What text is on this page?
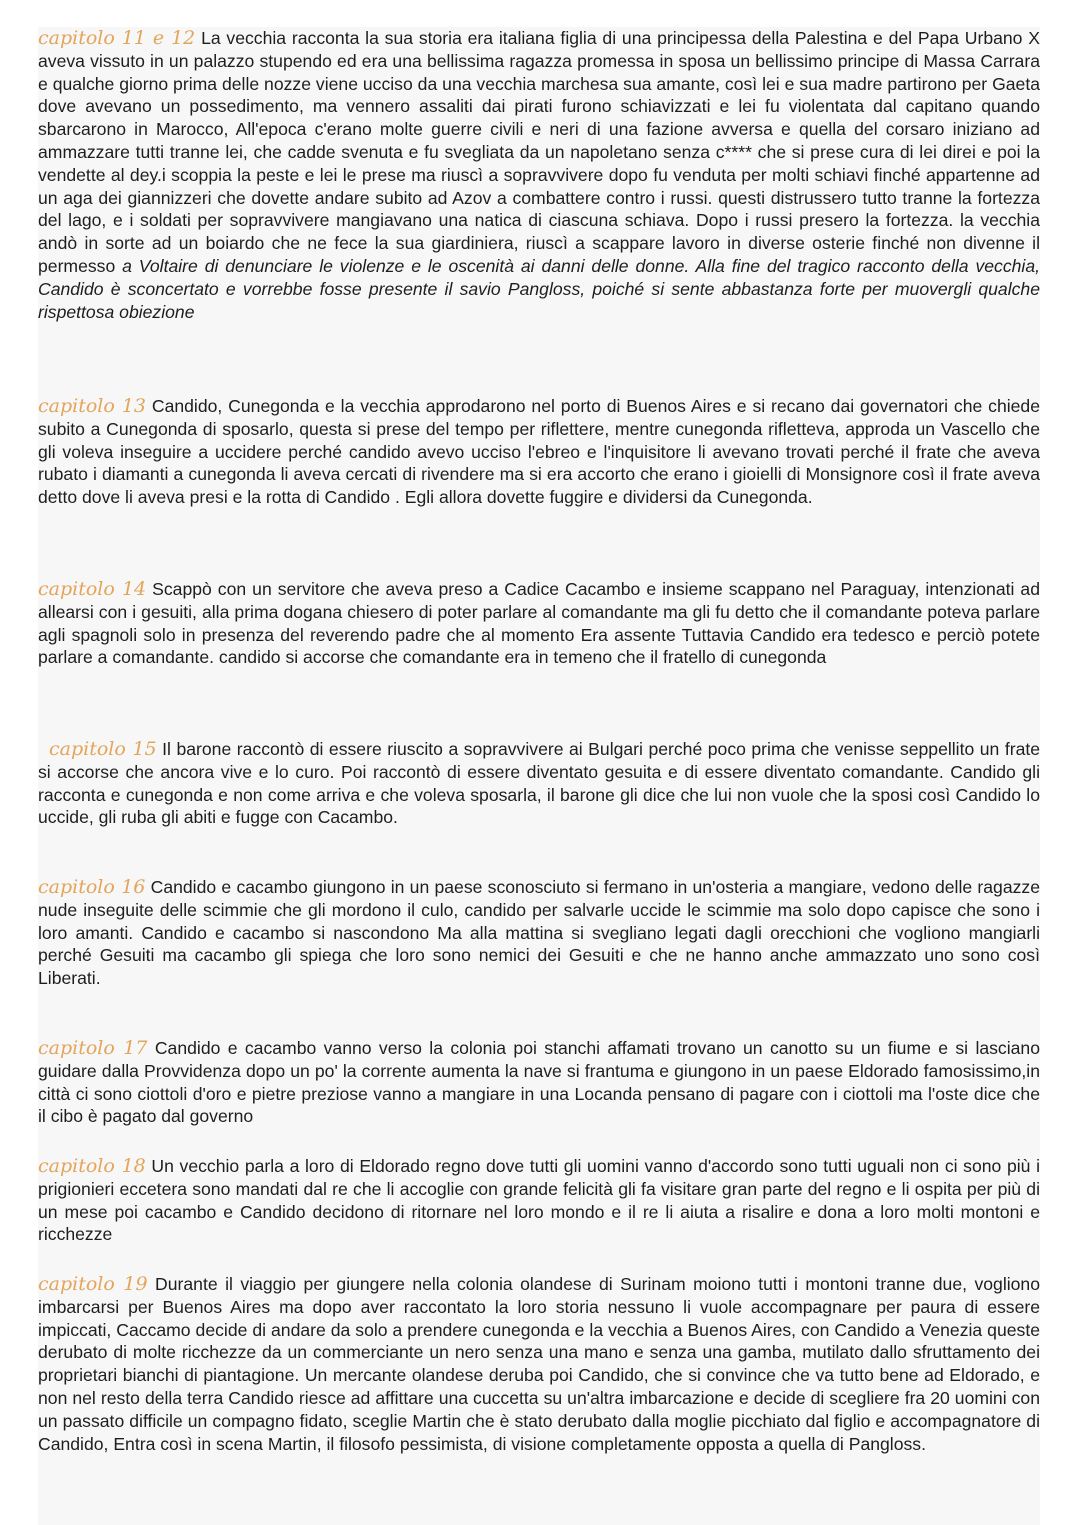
capitolo 11 e 12 La vecchia racconta la sua storia era italiana figlia di una principessa della Palestina e del Papa Urbano X aveva vissuto in un palazzo stupendo ed era una bellissima ragazza promessa in sposa un bellissimo principe di Massa Carrara e qualche giorno prima delle nozze viene ucciso da una vecchia marchesa sua amante, così lei e sua madre partirono per Gaeta dove avevano un possedimento, ma vennero assaliti dai pirati furono schiavizzati e lei fu violentata dal capitano quando sbarcarono in Marocco, All'epoca c'erano molte guerre civili e neri di una fazione avversa e quella del corsaro iniziano ad ammazzare tutti tranne lei, che cadde svenuta e fu svegliata da un napoletano senza c**** che si prese cura di lei direi e poi la vendette al dey.i scoppia la peste e lei le prese ma riuscì a sopravvivere dopo fu venduta per molti schiavi finché appartenne ad un aga dei giannizzeri che dovette andare subito ad Azov a combattere contro i russi. questi distrussero tutto tranne la fortezza del lago, e i soldati per sopravvivere mangiavano una natica di ciascuna schiava. Dopo i russi presero la fortezza. la vecchia andò in sorte ad un boiardo che ne fece la sua giardiniera, riuscì a scappare lavoro in diverse osterie finché non divenne il permesso a Voltaire di denunciare le violenze e le oscenità ai danni delle donne. Alla fine del tragico racconto della vecchia, Candido è sconcertato e vorrebbe fosse presente il savio Pangloss, poiché si sente abbastanza forte per muovergli qualche rispettosa obiezione

capitolo 13 Candido, Cunegonda e la vecchia approdarono nel porto di Buenos Aires e si recano dai governatori che chiede subito a Cunegonda di sposarlo, questa si prese del tempo per riflettere, mentre cunegonda rifletteva, approda un Vascello che gli voleva inseguire a uccidere perché candido avevo ucciso l'ebreo e l'inquisitore li avevano trovati perché il frate che aveva rubato i diamanti a cunegonda li aveva cercati di rivendere ma si era accorto che erano i gioielli di Monsignore così il frate aveva detto dove li aveva presi e la rotta di Candido . Egli allora dovette fuggire e dividersi da Cunegonda.

capitolo 14 Scappò con un servitore che aveva preso a Cadice Cacambo e insieme scappano nel Paraguay, intenzionati ad allearsi con i gesuiti, alla prima dogana chiesero di poter parlare al comandante ma gli fu detto che il comandante poteva parlare agli spagnoli solo in presenza del reverendo padre che al momento Era assente Tuttavia Candido era tedesco e perciò potete parlare a comandante. candido si accorse che comandante era in temeno che il fratello di cunegonda

capitolo 15 Il barone raccontò di essere riuscito a sopravvivere ai Bulgari perché poco prima che venisse seppellito un frate si accorse che ancora vive e lo curo. Poi raccontò di essere diventato gesuita e di essere diventato comandante. Candido gli racconta e cunegonda e non come arriva e che voleva sposarla, il barone gli dice che lui non vuole che la sposi così Candido lo uccide, gli ruba gli abiti e fugge con Cacambo.

capitolo 16 Candido e cacambo giungono in un paese sconosciuto si fermano in un'osteria a mangiare, vedono delle ragazze nude inseguite delle scimmie che gli mordono il culo, candido per salvarle uccide le scimmie ma solo dopo capisce che sono i loro amanti. Candido e cacambo si nascondono Ma alla mattina si svegliano legati dagli orecchioni che vogliono mangiarli perché Gesuiti ma cacambo gli spiega che loro sono nemici dei Gesuiti e che ne hanno anche ammazzato uno sono così Liberati.

capitolo 17 Candido e cacambo vanno verso la colonia poi stanchi affamati trovano un canotto su un fiume e si lasciano guidare dalla Provvidenza dopo un po' la corrente aumenta la nave si frantuma e giungono in un paese Eldorado famosissimo,in città ci sono ciottoli d'oro e pietre preziose vanno a mangiare in una Locanda pensano di pagare con i ciottoli ma l'oste dice che il cibo è pagato dal governo

capitolo 18 Un vecchio parla a loro di Eldorado regno dove tutti gli uomini vanno d'accordo sono tutti uguali non ci sono più i prigionieri eccetera sono mandati dal re che li accoglie con grande felicità gli fa visitare gran parte del regno e li ospita per più di un mese poi cacambo e Candido decidono di ritornare nel loro mondo e il re li aiuta a risalire e dona a loro molti montoni e ricchezze

capitolo 19 Durante il viaggio per giungere nella colonia olandese di Surinam moiono tutti i montoni tranne due, vogliono imbarcarsi per Buenos Aires ma dopo aver raccontato la loro storia nessuno li vuole accompagnare per paura di essere impiccati, Caccamo decide di andare da solo a prendere cunegonda e la vecchia a Buenos Aires, con Candido a Venezia queste derubato di molte ricchezze da un commerciante un nero senza una mano e senza una gamba, mutilato dallo sfruttamento dei proprietari bianchi di piantagione. Un mercante olandese deruba poi Candido, che si convince che va tutto bene ad Eldorado, e non nel resto della terra Candido riesce ad affittare una cuccetta su un'altra imbarcazione e decide di scegliere fra 20 uomini con un passato difficile un compagno fidato, sceglie Martin che è stato derubato dalla moglie picchiato dal figlio e accompagnatore di Candido, Entra così in scena Martin, il filosofo pessimista, di visione completamente opposta a quella di Pangloss.
